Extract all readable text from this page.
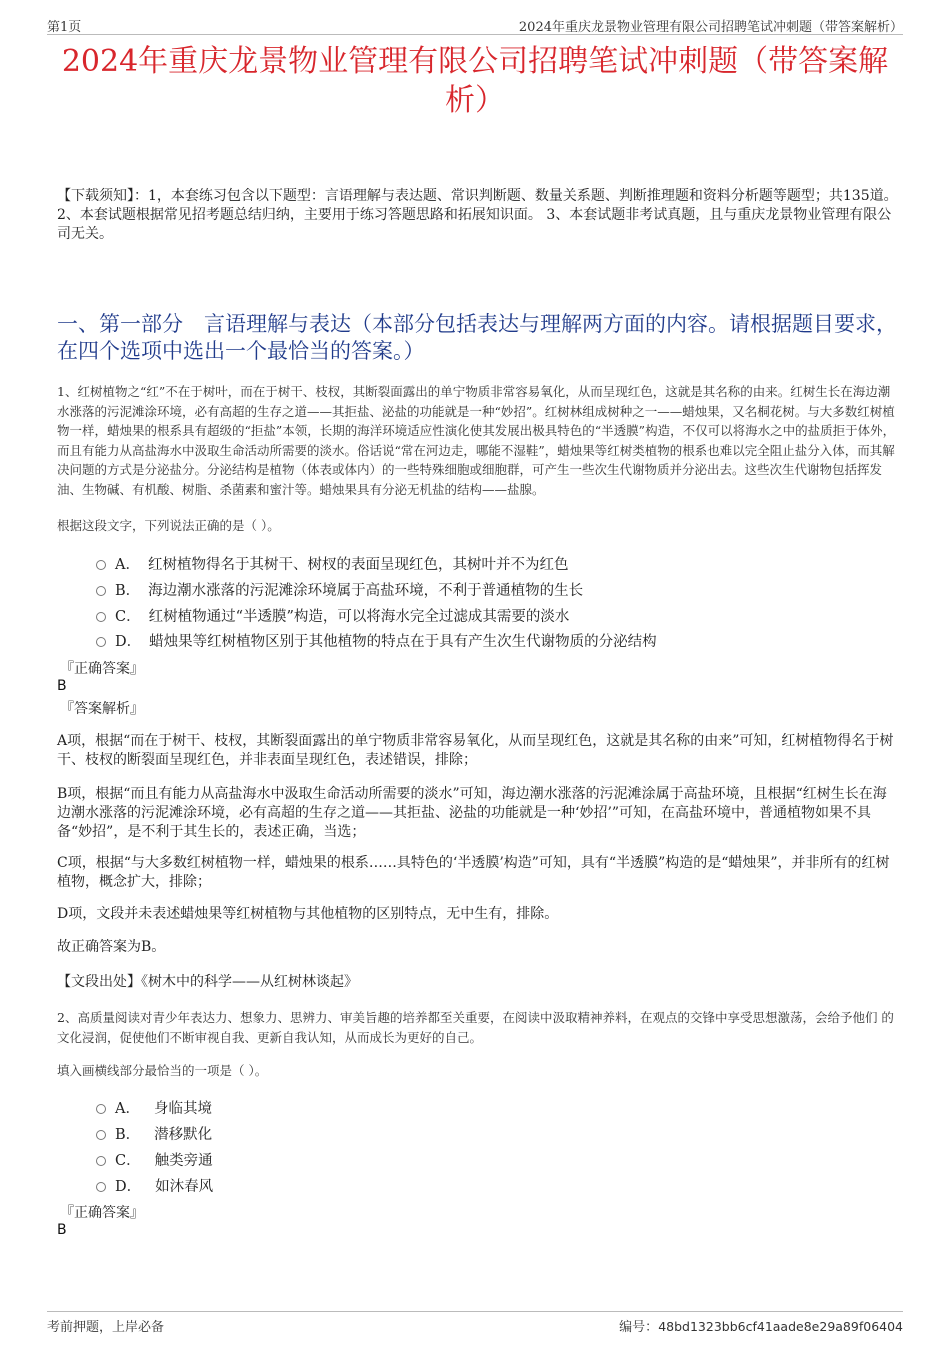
第1页	2024年重庆龙景物业管理有限公司招聘笔试冲刺题（带答案解析）
2024年重庆龙景物业管理有限公司招聘笔试冲刺题（带答案解析）
【下载须知】：1，本套练习包含以下题型：言语理解与表达题、常识判断题、数量关系题、判断推理题和资料分析题等题型；共135道。 2、本套试题根据常见招考题总结归纳，主要用于练习答题思路和拓展知识面。 3、本套试题非考试真题，且与重庆龙景物业管理有限公司无关。
一、第一部分　言语理解与表达（本部分包括表达与理解两方面的内容。请根据题目要求，在四个选项中选出一个最恰当的答案。）
1、红树植物之“红”不在于树叶，而在于树干、枝杈，其断裂面露出的单宁物质非常容易氧化，从而呈现红色，这就是其名称的由来。红树生长在海边潮水涨落的污泥滩涂环境，必有高超的生存之道——其拒盐、泌盐的功能就是一种“妙招”。红树林组成树种之一——蜡烛果，又名桐花树。与大多数红树植物一样，蜡烛果的根系具有超级的“拒盐”本领，长期的海洋环境适应性演化使其发展出极具特色的“半透膜”构造，不仅可以将海水之中的盐质拒于体外，而且有能力从高盐海水中汲取生命活动所需要的淡水。俗话说“常在河边走，哪能不湿鞋”，蜡烛果等红树类植物的根系也难以完全阻止盐分入体，而其解决问题的方式是分泌盐分。分泌结构是植物（体表或体内）的一些特殊细胞或细胞群，可产生一些次生代谢物质并分泌出去。这些次生代谢物包括挥发油、生物碱、有机酸、树脂、杀菌素和蜜汁等。蜡烛果具有分泌无机盐的结构——盐腺。
根据这段文字，下列说法正确的是（ ）。
A． 红树植物得名于其树干、树杈的表面呈现红色，其树叶并不为红色
B． 海边潮水涨落的污泥滩涂环境属于高盐环境，不利于普通植物的生长
C． 红树植物通过“半透膜”构造，可以将海水完全过滤成其需要的淡水
D． 蜡烛果等红树植物区别于其他植物的特点在于具有产生次生代谢物质的分泌结构
『正确答案』
B
『答案解析』
A项，根据“而在于树干、枝杈，其断裂面露出的单宁物质非常容易氧化，从而呈现红色，这就是其名称的由来”可知，红树植物得名于树干、枝杈的断裂面呈现红色，并非表面呈现红色，表述错误，排除；
B项，根据“而且有能力从高盐海水中汲取生命活动所需要的淡水”可知，海边潮水涨落的污泥滩涂属于高盐环境，且根据“红树生长在海边潮水涨落的污泥滩涂环境，必有高超的生存之道——其拒盐、泌盐的功能就是一种‘妙招’”可知，在高盐环境中，普通植物如果不具备“妙招”，是不利于其生长的，表述正确，当选；
C项，根据“与大多数红树植物一样，蜡烛果的根系……具特色的‘半透膜’构造”可知，具有“半透膜”构造的是“蜡烛果”，并非所有的红树植物，概念扩大，排除；
D项，文段并未表述蜡烛果等红树植物与其他植物的区别特点，无中生有，排除。
故正确答案为B。
【文段出处】《树木中的科学——从红树林谈起》
2、高质量阅读对青少年表达力、想象力、思辨力、审美旨趣的培养都至关重要，在阅读中汲取精神养料，在观点的交锋中享受思想激荡，会给予他们 的文化浸润，促使他们不断审视自我、更新自我认知，从而成长为更好的自己。
填入画横线部分最恰当的一项是（ ）。
A． 身临其境
B． 潜移默化
C． 触类旁通
D． 如沐春风
『正确答案』
B
考前押题，上岸必备	编号：48bd1323bb6cf41aade8e29a89f06404
